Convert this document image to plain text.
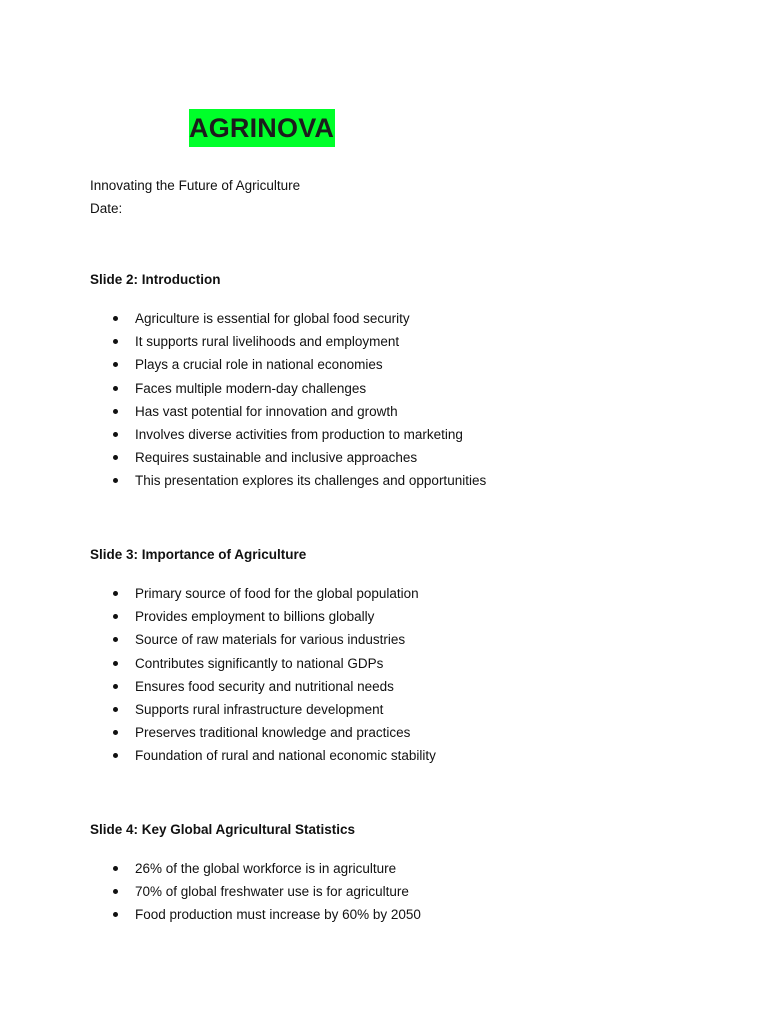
AGRINOVA
Innovating the Future of Agriculture
Date:

Slide 2: Introduction

Agriculture is essential for global food security
It supports rural livelihoods and employment
Plays a crucial role in national economies
Faces multiple modern-day challenges
Has vast potential for innovation and growth
Involves diverse activities from production to marketing
Requires sustainable and inclusive approaches
This presentation explores its challenges and opportunities

Slide 3: Importance of Agriculture

Primary source of food for the global population
Provides employment to billions globally
Source of raw materials for various industries
Contributes significantly to national GDPs
Ensures food security and nutritional needs
Supports rural infrastructure development
Preserves traditional knowledge and practices
Foundation of rural and national economic stability

Slide 4: Key Global Agricultural Statistics

26% of the global workforce is in agriculture
70% of global freshwater use is for agriculture
Food production must increase by 60% by 2050
